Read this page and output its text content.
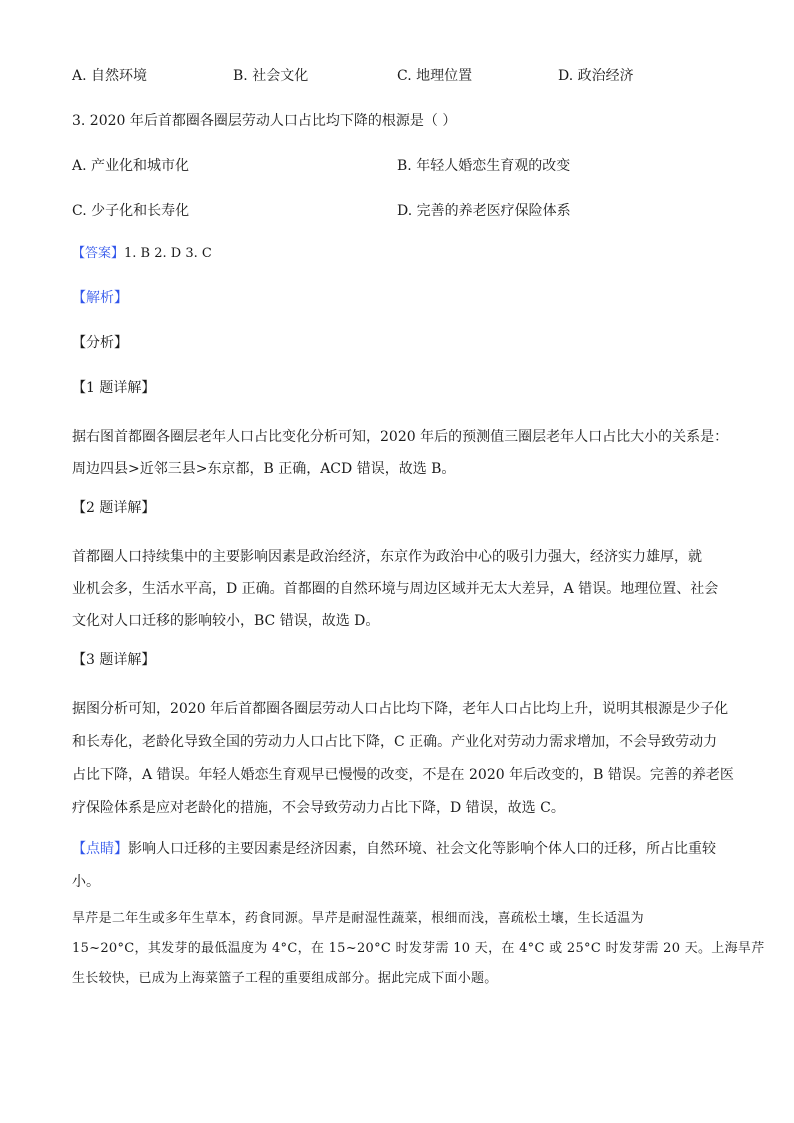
A. 自然环境	B. 社会文化	C. 地理位置	D. 政治经济
3. 2020 年后首都圈各圈层劳动人口占比均下降的根源是（ ）
A. 产业化和城市化	B. 年轻人婚恋生育观的改变
C. 少子化和长寿化	D. 完善的养老医疗保险体系
【答案】1. B 2. D 3. C
【解析】
【分析】
【1 题详解】
据右图首都圈各圈层老年人口占比变化分析可知，2020 年后的预测值三圈层老年人口占比大小的关系是：
周边四县>近邻三县>东京都，B 正确，ACD 错误，故选 B。
【2 题详解】
首都圈人口持续集中的主要影响因素是政治经济，东京作为政治中心的吸引力强大，经济实力雄厚，就
业机会多，生活水平高，D 正确。首都圈的自然环境与周边区域并无太大差异，A 错误。地理位置、社会
文化对人口迁移的影响较小，BC 错误，故选 D。
【3 题详解】
据图分析可知，2020 年后首都圈各圈层劳动人口占比均下降，老年人口占比均上升，说明其根源是少子化
和长寿化，老龄化导致全国的劳动力人口占比下降，C 正确。产业化对劳动力需求增加，不会导致劳动力
占比下降，A 错误。年轻人婚恋生育观早已慢慢的改变，不是在 2020 年后改变的，B 错误。完善的养老医
疗保险体系是应对老龄化的措施，不会导致劳动力占比下降，D 错误，故选 C。
【点睛】影响人口迁移的主要因素是经济因素，自然环境、社会文化等影响个体人口的迁移，所占比重较
小。
旱芹是二年生或多年生草本，药食同源。旱芹是耐湿性蔬菜，根细而浅，喜疏松土壤，生长适温为
15~20°C，其发芽的最低温度为 4°C，在 15~20°C 时发芽需 10 天，在 4°C 或 25°C 时发芽需 20 天。上海旱芹
生长较快，已成为上海菜篮子工程的重要组成部分。据此完成下面小题。
